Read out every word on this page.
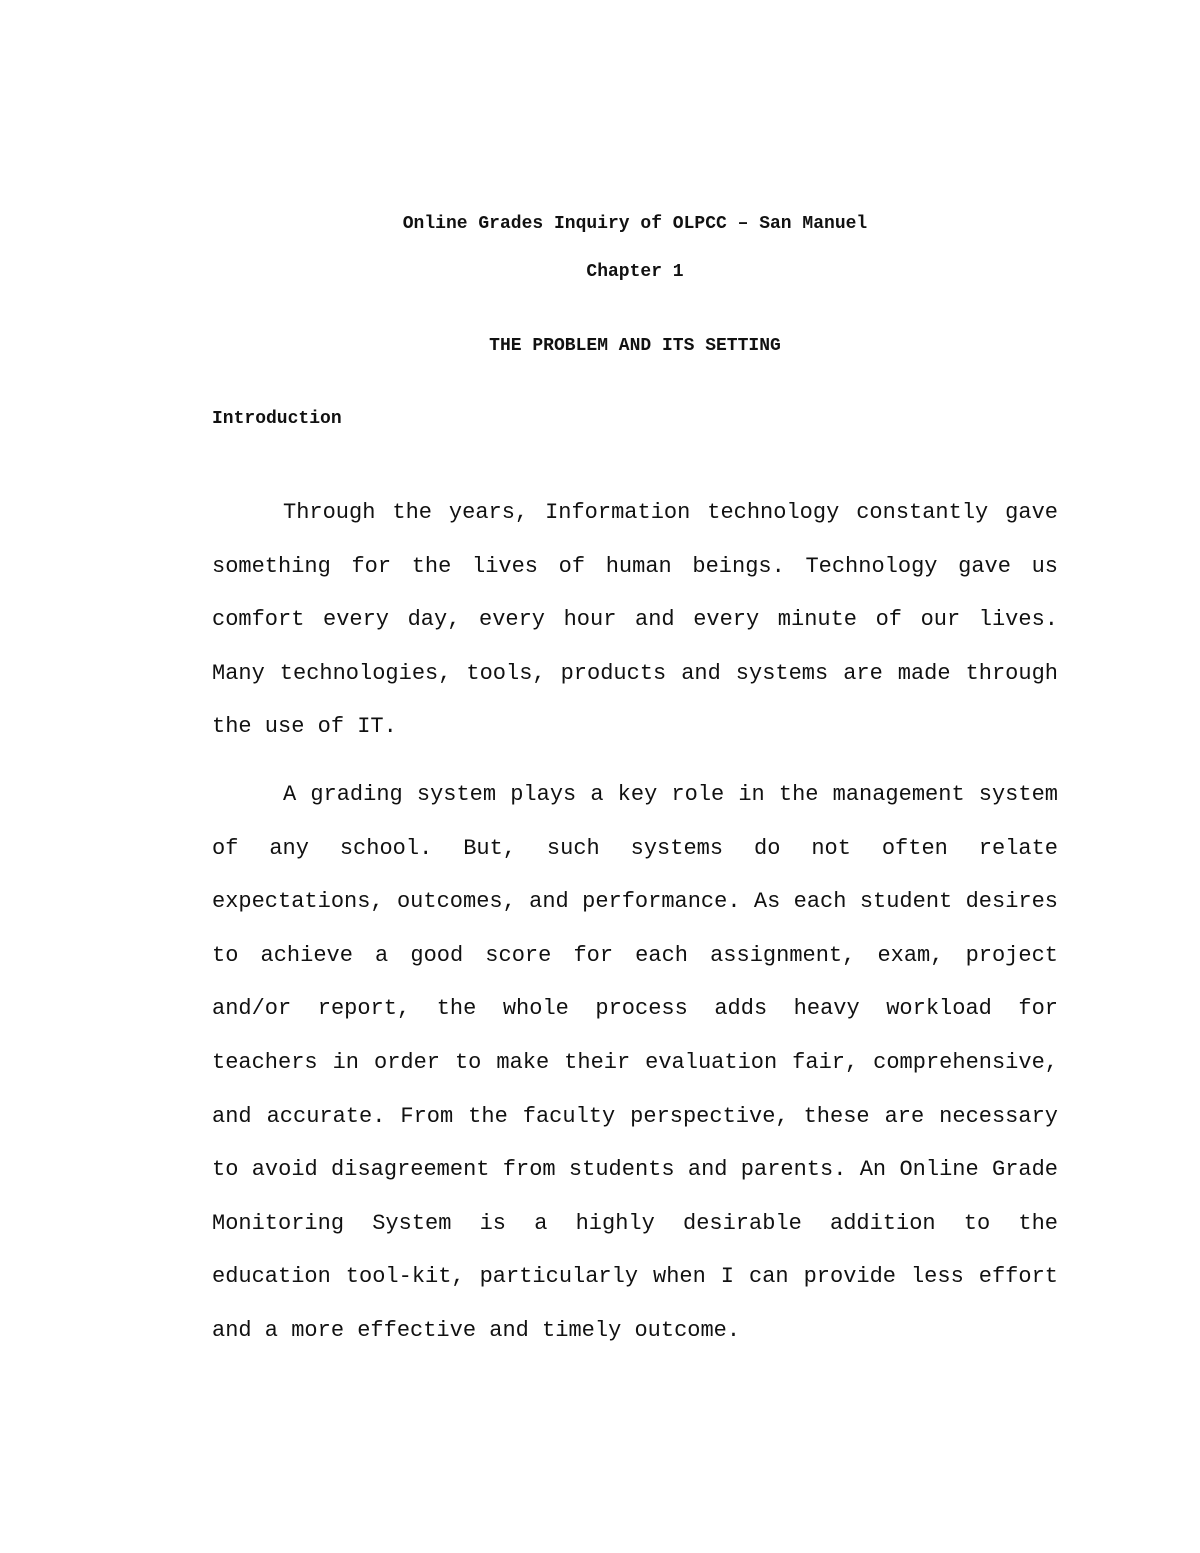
Online Grades Inquiry of OLPCC – San Manuel
Chapter 1
THE PROBLEM AND ITS SETTING
Introduction

Through the years, Information technology constantly gave something for the lives of human beings. Technology gave us comfort every day, every hour and every minute of our lives. Many technologies, tools, products and systems are made through the use of IT.

A grading system plays a key role in the management system of any school. But, such systems do not often relate expectations, outcomes, and performance. As each student desires to achieve a good score for each assignment, exam, project and/or report, the whole process adds heavy workload for teachers in order to make their evaluation fair, comprehensive, and accurate. From the faculty perspective, these are necessary to avoid disagreement from students and parents. An Online Grade Monitoring System is a highly desirable addition to the education tool-kit, particularly when I can provide less effort and a more effective and timely outcome.
